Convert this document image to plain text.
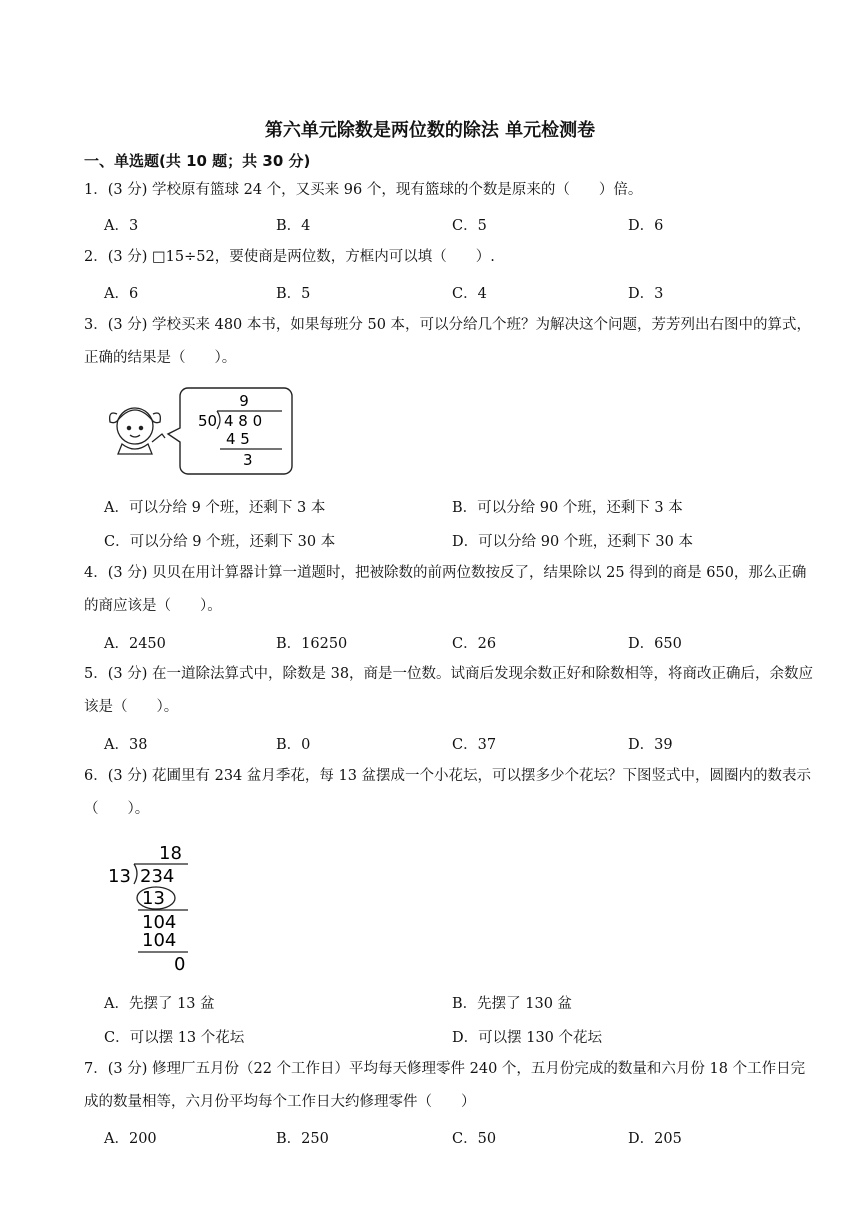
第六单元除数是两位数的除法 单元检测卷
一、单选题(共 10 题；共 30 分)
1．(3 分) 学校原有篮球 24 个，又买来 96 个，现有篮球的个数是原来的（　　）倍。
A．3	B．4	C．5	D．6
2．(3 分) □15÷52，要使商是两位数，方框内可以填（　　）.
A．6	B．5	C．4	D．3
3．(3 分) 学校买来 480 本书，如果每班分 50 本，可以分给几个班？为解决这个问题，芳芳列出右图中的算式，正确的结果是（　　）。
9
50 4 8 0
4 5
3
A．可以分给 9 个班，还剩下 3 本	B．可以分给 90 个班，还剩下 3 本
C．可以分给 9 个班，还剩下 30 本	D．可以分给 90 个班，还剩下 30 本
4．(3 分) 贝贝在用计算器计算一道题时，把被除数的前两位数按反了，结果除以 25 得到的商是 650，那么正确的商应该是（　　）。
A．2450	B．16250	C．26	D．650
5．(3 分) 在一道除法算式中，除数是 38，商是一位数。试商后发现余数正好和除数相等，将商改正确后，余数应该是（　　）。
A．38	B．0	C．37	D．39
6．(3 分) 花圃里有 234 盆月季花，每 13 盆摆成一个小花坛，可以摆多少个花坛？下图竖式中，圆圈内的数表示（　　）。
18
13 234
13
104
104
0
A．先摆了 13 盆	B．先摆了 130 盆
C．可以摆 13 个花坛	D．可以摆 130 个花坛
7．(3 分) 修理厂五月份（22 个工作日）平均每天修理零件 240 个，五月份完成的数量和六月份 18 个工作日完成的数量相等，六月份平均每个工作日大约修理零件（　　）
A．200	B．250	C．50	D．205
